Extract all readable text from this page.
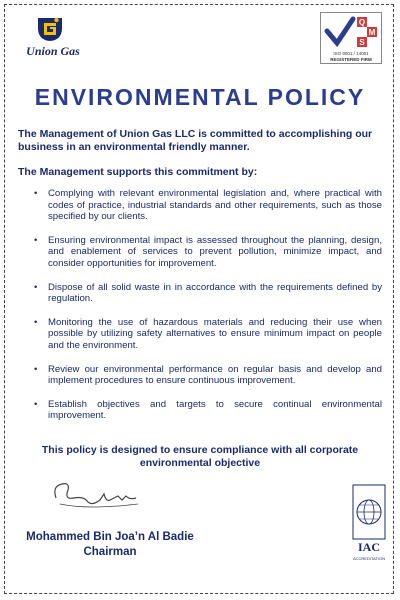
Union Gas
Q
M
S
ISO 9001 / 14001
REGISTERED FIRM
ENVIRONMENTAL POLICY
The Management of Union Gas LLC is committed to accomplishing our business in an environmental friendly manner.
The Management supports this commitment by:
• Complying with relevant environmental legislation and, where practical with codes of practice, industrial standards and other requirements, such as those specified by our clients.
• Ensuring environmental impact is assessed throughout the planning, design, and enablement of services to prevent pollution, minimize impact, and consider opportunities for improvement.
• Dispose of all solid waste in in accordance with the requirements defined by regulation.
• Monitoring the use of hazardous materials and reducing their use when possible by utilizing safety alternatives to ensure minimum impact on people and the environment.
• Review our environmental performance on regular basis and develop and implement procedures to ensure continuous improvement.
• Establish objectives and targets to secure continual environmental improvement.
This policy is designed to ensure compliance with all corporate environmental objective
Mohammed Bin Joa’n Al Badie
Chairman	IAC
ACCREDITATION
